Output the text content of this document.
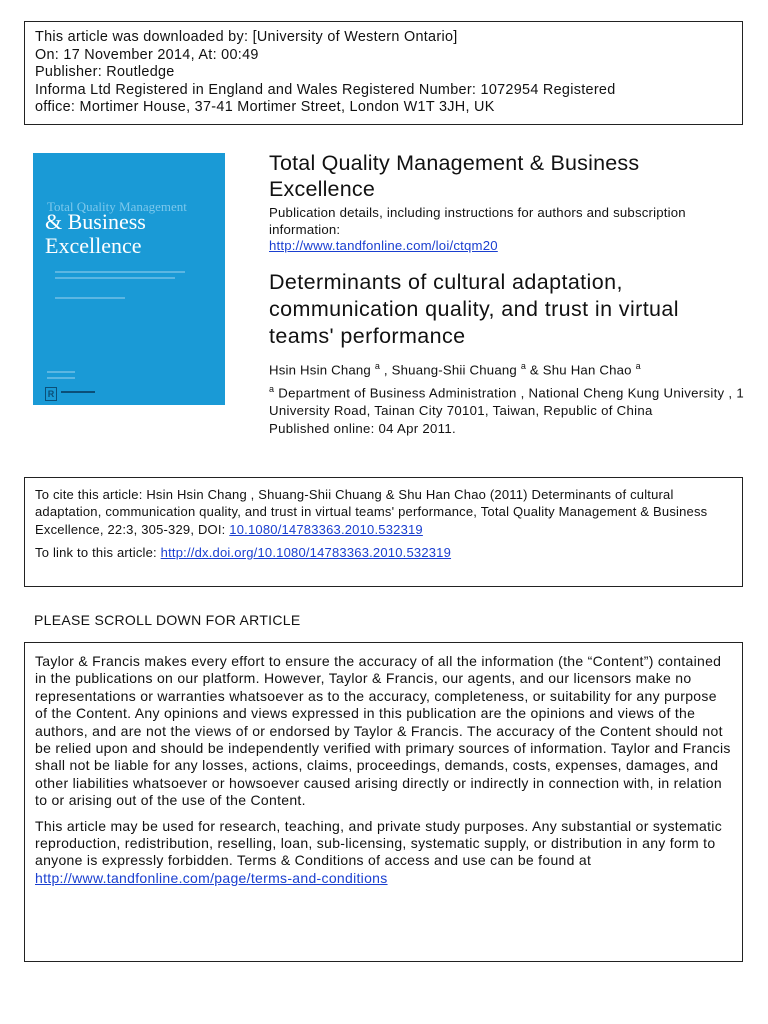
This article was downloaded by: [University of Western Ontario]
On: 17 November 2014, At: 00:49
Publisher: Routledge
Informa Ltd Registered in England and Wales Registered Number: 1072954 Registered
office: Mortimer House, 37-41 Mortimer Street, London W1T 3JH, UK
Total Quality Management
& Business
Excellence
R
Total Quality Management & Business Excellence
Publication details, including instructions for authors and subscription information:
http://www.tandfonline.com/loi/ctqm20
Determinants of cultural adaptation, communication quality, and trust in virtual teams' performance
Hsin Hsin Chang $^a$ , Shuang-Shii Chuang $^a$ & Shu Han Chao $^a$
$^a$ Department of Business Administration , National Cheng Kung University , 1 University Road, Tainan City 70101, Taiwan, Republic of China
Published online: 04 Apr 2011.
To cite this article: Hsin Hsin Chang , Shuang-Shii Chuang & Shu Han Chao (2011) Determinants of cultural adaptation, communication quality, and trust in virtual teams' performance, Total Quality Management & Business Excellence, 22:3, 305-329, DOI: 10.1080/14783363.2010.532319
To link to this article: http://dx.doi.org/10.1080/14783363.2010.532319
PLEASE SCROLL DOWN FOR ARTICLE

Taylor & Francis makes every effort to ensure the accuracy of all the information (the “Content”) contained in the publications on our platform. However, Taylor & Francis, our agents, and our licensors make no representations or warranties whatsoever as to the accuracy, completeness, or suitability for any purpose of the Content. Any opinions and views expressed in this publication are the opinions and views of the authors, and are not the views of or endorsed by Taylor & Francis. The accuracy of the Content should not be relied upon and should be independently verified with primary sources of information. Taylor and Francis shall not be liable for any losses, actions, claims, proceedings, demands, costs, expenses, damages, and other liabilities whatsoever or howsoever caused arising directly or indirectly in connection with, in relation to or arising out of the use of the Content.

This article may be used for research, teaching, and private study purposes. Any substantial or systematic reproduction, redistribution, reselling, loan, sub-licensing, systematic supply, or distribution in any form to anyone is expressly forbidden. Terms & Conditions of access and use can be found at http://www.tandfonline.com/page/terms-and-conditions
